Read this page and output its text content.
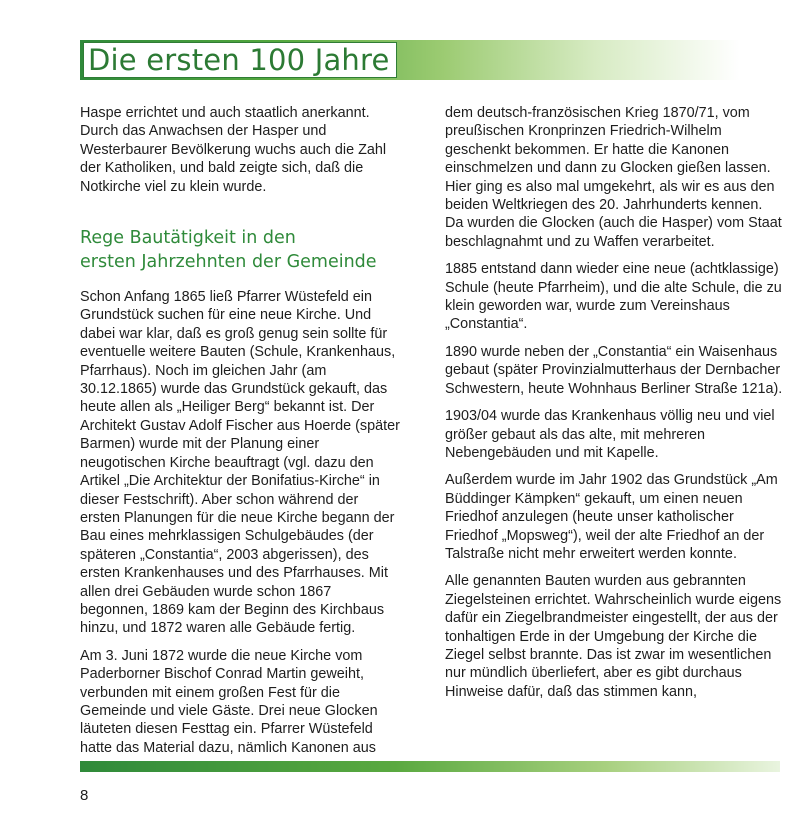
Die ersten 100 Jahre

Haspe errichtet und auch staatlich anerkannt. Durch das Anwachsen der Hasper und Westerbaurer Bevölkerung wuchs auch die Zahl der Katholiken, und bald zeigte sich, daß die Notkirche viel zu klein wurde.

Rege Bautätigkeit in den
ersten Jahrzehnten der Gemeinde

Schon Anfang 1865 ließ Pfarrer Wüstefeld ein Grundstück suchen für eine neue Kirche. Und dabei war klar, daß es groß genug sein sollte für eventuelle weitere Bauten (Schule, Krankenhaus, Pfarrhaus). Noch im gleichen Jahr (am 30.12.1865) wurde das Grundstück gekauft, das heute allen als „Heiliger Berg“ bekannt ist. Der Architekt Gustav Adolf Fischer aus Hoerde (später Barmen) wurde mit der Planung einer neugotischen Kirche beauftragt (vgl. dazu den Artikel „Die Architektur der Bonifatius-Kirche“ in dieser Festschrift). Aber schon während der ersten Planungen für die neue Kirche begann der Bau eines mehrklassigen Schulgebäudes (der späteren „Constantia“, 2003 abgerissen), des ersten Krankenhauses und des Pfarrhauses. Mit allen drei Gebäuden wurde schon 1867 begonnen, 1869 kam der Beginn des Kirchbaus hinzu, und 1872 waren alle Gebäude fertig.

Am 3. Juni 1872 wurde die neue Kirche vom Paderborner Bischof Conrad Martin geweiht, verbunden mit einem großen Fest für die Gemeinde und viele Gäste. Drei neue Glocken läuteten diesen Festtag ein. Pfarrer Wüstefeld hatte das Material dazu, nämlich Kanonen aus

dem deutsch-französischen Krieg 1870/71, vom preußischen Kronprinzen Friedrich-Wilhelm geschenkt bekommen. Er hatte die Kanonen einschmelzen und dann zu Glocken gießen lassen. Hier ging es also mal umgekehrt, als wir es aus den beiden Weltkriegen des 20. Jahrhunderts kennen. Da wurden die Glocken (auch die Hasper) vom Staat beschlagnahmt und zu Waffen verarbeitet.

1885 entstand dann wieder eine neue (achtklassige) Schule (heute Pfarrheim), und die alte Schule, die zu klein geworden war, wurde zum Vereinshaus „Constantia“.

1890 wurde neben der „Constantia“ ein Waisenhaus gebaut (später Provinzialmutterhaus der Dernbacher Schwestern, heute Wohnhaus Berliner Straße 121a).

1903/04 wurde das Krankenhaus völlig neu und viel größer gebaut als das alte, mit mehreren Nebengebäuden und mit Kapelle.

Außerdem wurde im Jahr 1902 das Grundstück „Am Büddinger Kämpken“ gekauft, um einen neuen Friedhof anzulegen (heute unser katholischer Friedhof „Mopsweg“), weil der alte Friedhof an der Talstraße nicht mehr erweitert werden konnte.

Alle genannten Bauten wurden aus gebrannten Ziegelsteinen errichtet. Wahrscheinlich wurde eigens dafür ein Ziegelbrandmeister eingestellt, der aus der tonhaltigen Erde in der Umgebung der Kirche die Ziegel selbst brannte. Das ist zwar im wesentlichen nur mündlich überliefert, aber es gibt durchaus Hinweise dafür, daß das stimmen kann,

8
